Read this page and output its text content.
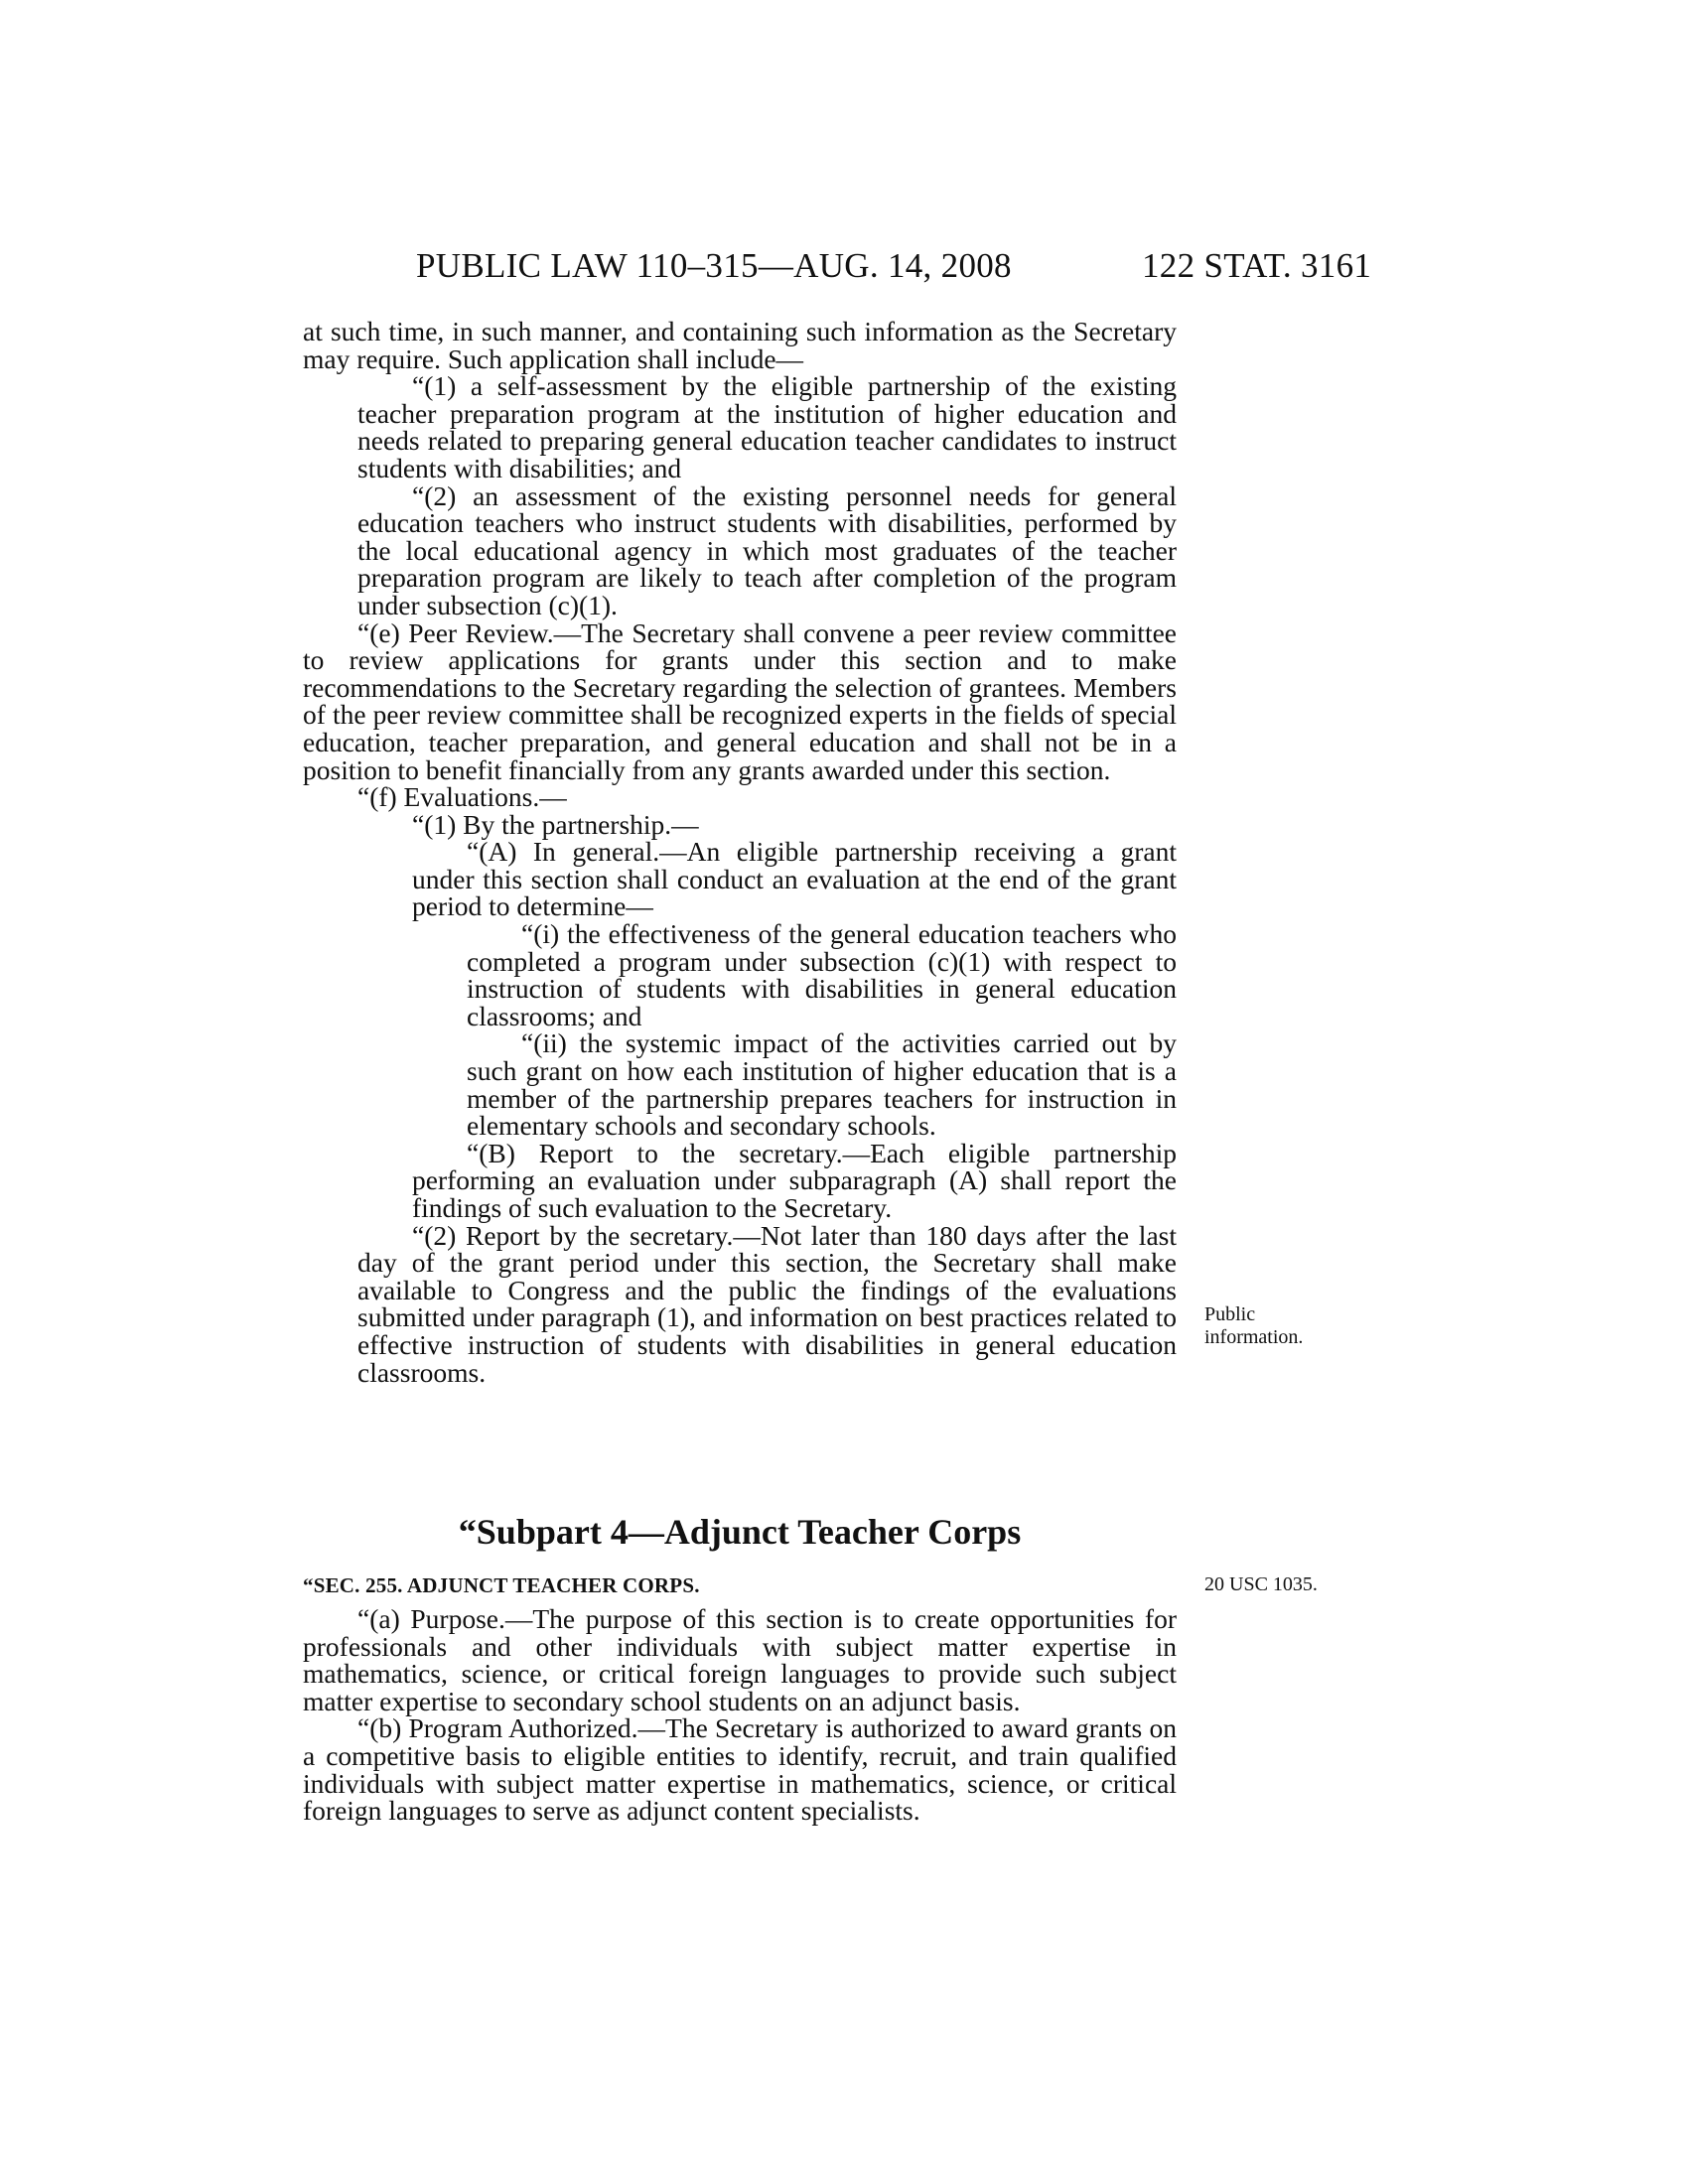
PUBLIC LAW 110–315—AUG. 14, 2008	122 STAT. 3161

at such time, in such manner, and containing such information as the Secretary may require. Such application shall include—

“(1) a self-assessment by the eligible partnership of the existing teacher preparation program at the institution of higher education and needs related to preparing general education teacher candidates to instruct students with disabilities; and

“(2) an assessment of the existing personnel needs for general education teachers who instruct students with disabilities, performed by the local educational agency in which most graduates of the teacher preparation program are likely to teach after completion of the program under subsection (c)(1).

“(e) Peer Review.—The Secretary shall convene a peer review committee to review applications for grants under this section and to make recommendations to the Secretary regarding the selection of grantees. Members of the peer review committee shall be recognized experts in the fields of special education, teacher preparation, and general education and shall not be in a position to benefit financially from any grants awarded under this section.

“(f) Evaluations.—

“(1) By the partnership.—

“(A) In general.—An eligible partnership receiving a grant under this section shall conduct an evaluation at the end of the grant period to determine—

“(i) the effectiveness of the general education teachers who completed a program under subsection (c)(1) with respect to instruction of students with disabilities in general education classrooms; and

“(ii) the systemic impact of the activities carried out by such grant on how each institution of higher education that is a member of the partnership prepares teachers for instruction in elementary schools and secondary schools.

“(B) Report to the secretary.—Each eligible partnership performing an evaluation under subparagraph (A) shall report the findings of such evaluation to the Secretary.

“(2) Report by the secretary.—Not later than 180 days after the last day of the grant period under this section, the Secretary shall make available to Congress and the public the findings of the evaluations submitted under paragraph (1), and information on best practices related to effective instruction of students with disabilities in general education classrooms.

Public information.
“Subpart 4—Adjunct Teacher Corps
“SEC. 255. ADJUNCT TEACHER CORPS.	20 USC 1035.

“(a) Purpose.—The purpose of this section is to create opportunities for professionals and other individuals with subject matter expertise in mathematics, science, or critical foreign languages to provide such subject matter expertise to secondary school students on an adjunct basis.

“(b) Program Authorized.—The Secretary is authorized to award grants on a competitive basis to eligible entities to identify, recruit, and train qualified individuals with subject matter expertise in mathematics, science, or critical foreign languages to serve as adjunct content specialists.
